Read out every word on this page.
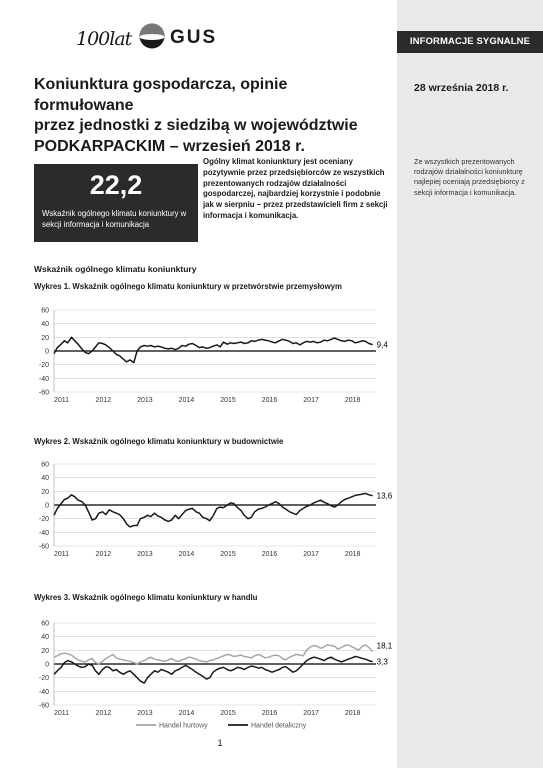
100lat GUS	INFORMACJE SYGNALNE
28 września 2018 r.
Koniunktura gospodarcza, opinie formułowane
przez jednostki z siedzibą w województwie
PODKARPACKIM – wrzesień 2018 r.
22,2
Wskaźnik ogólnego klimatu koniunktury w sekcji informacja i komunikacja
Ogólny klimat koniunktury jest oceniany pozytywnie przez przedsiębiorców ze wszystkich prezentowanych rodzajów działalności gospodarczej, najbardziej korzystnie i podobnie jak w sierpniu – przez przedstawicieli firm z sekcji informacja i komunikacja.
Ze wszystkich prezentowanych rodzajów działalności koniunkturę najlepiej oceniają przedsiębiorcy z sekcji informacja i komunikacja.
Wskaźnik ogólnego klimatu koniunktury
Wykres 1. Wskaźnik ogólnego klimatu koniunktury w przetwórstwie przemysłowym
60
40
20
0
-20
-40
-60
2011	2012	2013	2014	2015	2016	2017	2018
9,4
Wykres 2. Wskaźnik ogólnego klimatu koniunktury w budownictwie
60
40
20
0
-20
-40
-60
2011	2012	2013	2014	2015	2016	2017	2018
13,6
Wykres 3. Wskaźnik ogólnego klimatu koniunktury w handlu
60
40
20
0
-20
-40
-60
2011	2012	2013	2014	2015	2016	2017	2018
18,1
3,3
Handel hurtowy	Handel detaliczny
1
